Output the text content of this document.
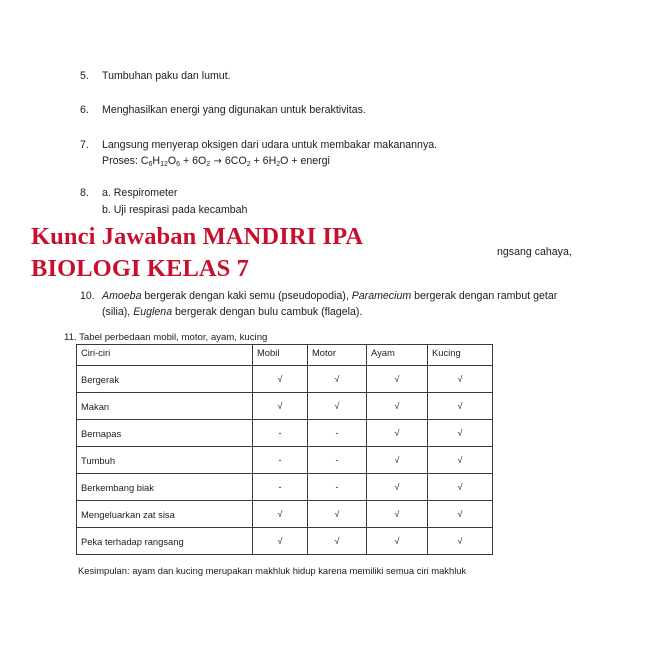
5. Tumbuhan paku dan lumut.
6. Menghasilkan energi yang digunakan untuk beraktivitas.
7. Langsung menyerap oksigen dari udara untuk membakar makanannya.
Proses: $C_6H_{12}O_6 + 6O_2 \to 6CO_2 + 6H_2O$ + energi
8. a. Respirometer
b. Uji respirasi pada kecambah
Kunci Jawaban MANDIRI IPA
BIOLOGI KELAS 7
ngsang cahaya,
10. Amoeba bergerak dengan kaki semu (pseudopodia), Paramecium bergerak dengan rambut getar
(silia), Euglena bergerak dengan bulu cambuk (flagela).
11. Tabel perbedaan mobil, motor, ayam, kucing
Ciri-ciri	Mobil	Motor	Ayam	Kucing
Bergerak	√	√	√	√
Makan	√	√	√	√
Bernapas	-	-	√	√
Tumbuh	-	-	√	√
Berkembang biak	-	-	√	√
Mengeluarkan zat sisa	√	√	√	√
Peka terhadap rangsang	√	√	√	√
Kesimpulan: ayam dan kucing merupakan makhluk hidup karena memiliki semua ciri makhluk
